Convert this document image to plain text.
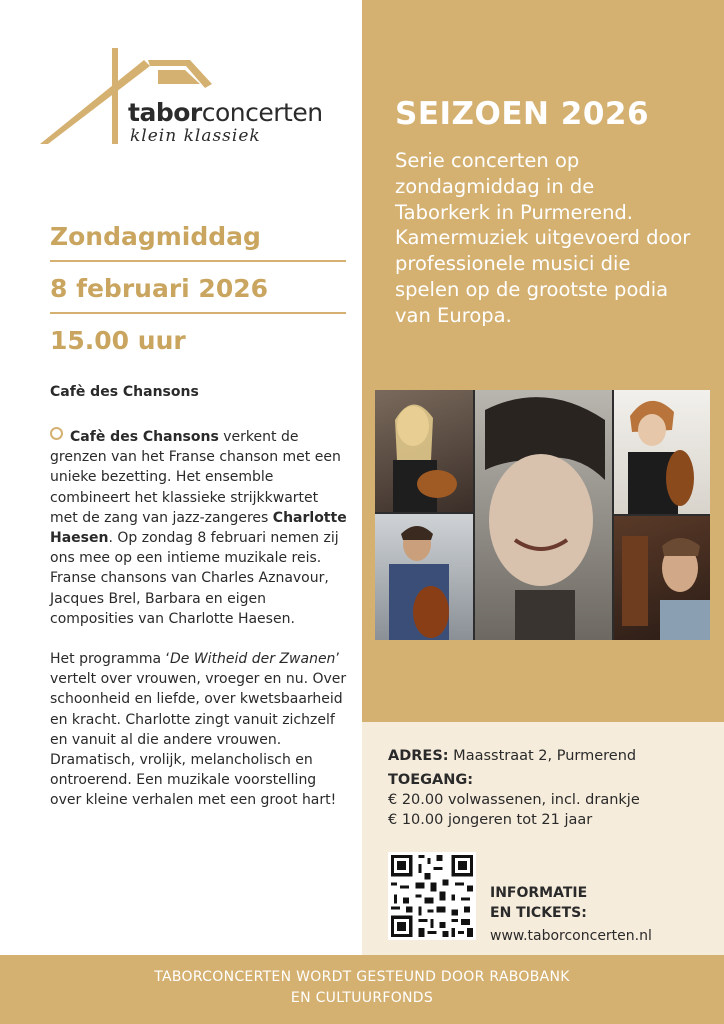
taborconcerten
klein klassiek
Zondagmiddag
8 februari 2026
15.00 uur
Cafè des Chansons

Cafè des Chansons verkent de grenzen van het Franse chanson met een unieke bezetting. Het ensemble combineert het klassieke strijkkwartet met de zang van jazz-zangeres Charlotte Haesen. Op zondag 8 februari nemen zij ons mee op een intieme muzikale reis. Franse chansons van Charles Aznavour, Jacques Brel, Barbara en eigen composities van Charlotte Haesen.

Het programma ‘De Witheid der Zwanen’ vertelt over vrouwen, vroeger en nu. Over schoonheid en liefde, over kwetsbaarheid en kracht. Charlotte zingt vanuit zichzelf en vanuit al die andere vrouwen. Dramatisch, vrolijk, melancholisch en ontroerend. Een muzikale voorstelling over kleine verhalen met een groot hart!

SEIZOEN 2026
Serie concerten op zondagmiddag in de Taborkerk in Purmerend. Kamermuziek uitgevoerd door professionele musici die spelen op de grootste podia van Europa.
ADRES: Maasstraat 2, Purmerend
TOEGANG:
€ 20.00 volwassenen, incl. drankje
€ 10.00 jongeren tot 21 jaar
INFORMATIE
EN TICKETS:
www.taborconcerten.nl
TABORCONCERTEN WORDT GESTEUND DOOR RABOBANK
EN CULTUURFONDS
